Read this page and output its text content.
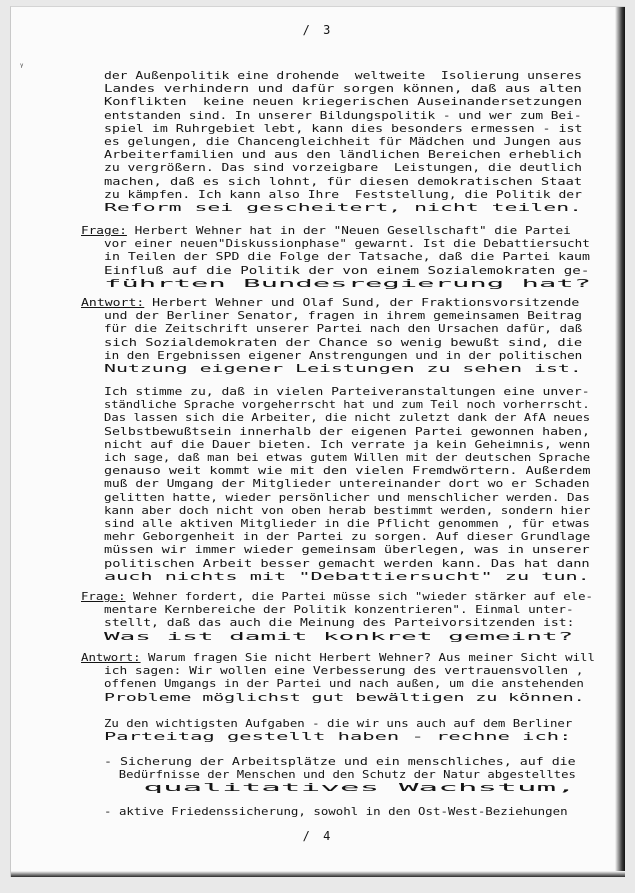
ᵞ
/ 3
der Außenpolitik eine drohende  weltweite  Isolierung unseres
Landes verhindern und dafür sorgen können, daß aus alten
Konflikten  keine neuen kriegerischen Auseinandersetzungen
entstanden sind. In unserer Bildungspolitik - und wer zum Bei-
spiel im Ruhrgebiet lebt, kann dies besonders ermessen - ist
es gelungen, die Chancengleichheit für Mädchen und Jungen aus
Arbeiterfamilien und aus den ländlichen Bereichen erheblich
zu vergrößern. Das sind vorzeigbare  Leistungen, die deutlich
machen, daß es sich lohnt, für diesen demokratischen Staat
zu kämpfen. Ich kann also Ihre  Feststellung, die Politik der
Reform sei gescheitert, nicht teilen.
Frage: Herbert Wehner hat in der "Neuen Gesellschaft" die Partei
vor einer neuen"Diskussionphase" gewarnt. Ist die Debattiersucht
in Teilen der SPD die Folge der Tatsache, daß die Partei kaum
Einfluß auf die Politik der von einem Sozialemokraten ge-
führten Bundesregierung hat?
Antwort: Herbert Wehner und Olaf Sund, der Fraktionsvorsitzende
und der Berliner Senator, fragen in ihrem gemeinsamen Beitrag
für die Zeitschrift unserer Partei nach den Ursachen dafür, daß
sich Sozialdemokraten der Chance so wenig bewußt sind, die
in den Ergebnissen eigener Anstrengungen und in der politischen
Nutzung eigener Leistungen zu sehen ist.
Ich stimme zu, daß in vielen Parteiveranstaltungen eine unver-
ständliche Sprache vorgeherrscht hat und zum Teil noch vorherrscht.
Das lassen sich die Arbeiter, die nicht zuletzt dank der AfA neues
Selbstbewußtsein innerhalb der eigenen Partei gewonnen haben,
nicht auf die Dauer bieten. Ich verrate ja kein Geheimnis, wenn
ich sage, daß man bei etwas gutem Willen mit der deutschen Sprache
genauso weit kommt wie mit den vielen Fremdwörtern. Außerdem
muß der Umgang der Mitglieder untereinander dort wo er Schaden
gelitten hatte, wieder persönlicher und menschlicher werden. Das
kann aber doch nicht von oben herab bestimmt werden, sondern hier
sind alle aktiven Mitglieder in die Pflicht genommen , für etwas
mehr Geborgenheit in der Partei zu sorgen. Auf dieser Grundlage
müssen wir immer wieder gemeinsam überlegen, was in unserer
politischen Arbeit besser gemacht werden kann. Das hat dann
auch nichts mit "Debattiersucht" zu tun.
Frage: Wehner fordert, die Partei müsse sich "wieder stärker auf ele-
mentare Kernbereiche der Politik konzentrieren". Einmal unter-
stellt, daß das auch die Meinung des Parteivorsitzenden ist:
Was ist damit konkret gemeint?
Antwort: Warum fragen Sie nicht Herbert Wehner? Aus meiner Sicht will
ich sagen: Wir wollen eine Verbesserung des vertrauensvollen ,
offenen Umgangs in der Partei und nach außen, um die anstehenden
Probleme möglichst gut bewältigen zu können.
Zu den wichtigsten Aufgaben - die wir uns auch auf dem Berliner
Parteitag gestellt haben - rechne ich:
- Sicherung der Arbeitsplätze und ein menschliches, auf die
Bedürfnisse der Menschen und den Schutz der Natur abgestelltes
qualitatives Wachstum,
- aktive Friedenssicherung, sowohl in den Ost-West-Beziehungen
/ 4
